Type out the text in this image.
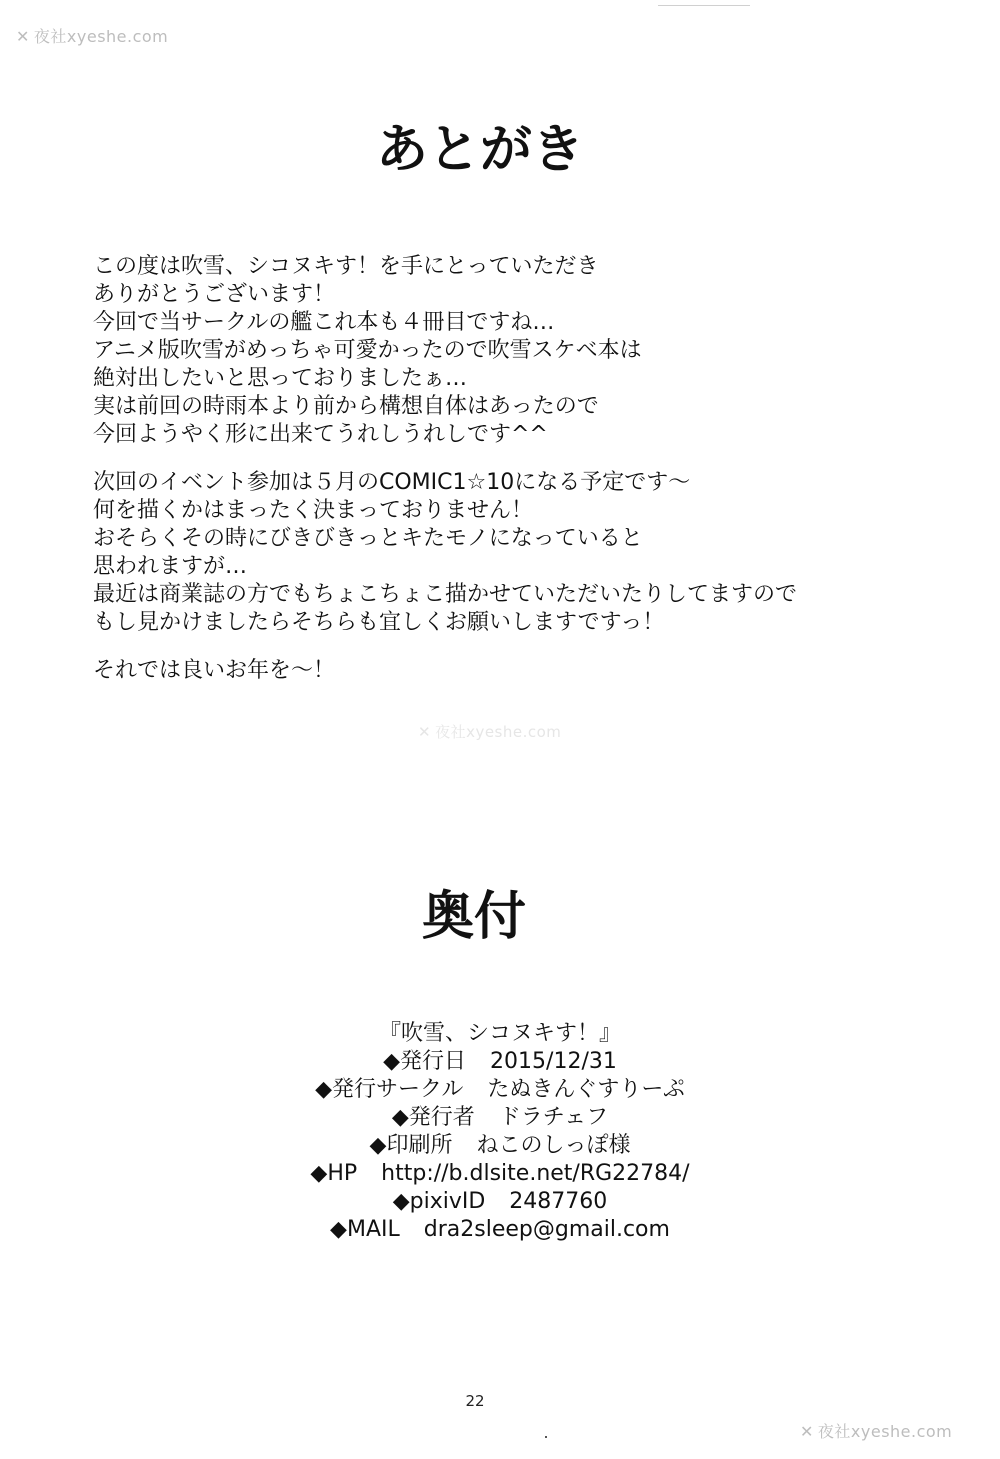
✕ 夜社xyeshe.com
あとがき
この度は吹雪、シコヌキす！を手にとっていただき
ありがとうございます！
今回で当サークルの艦これ本も４冊目ですね…
アニメ版吹雪がめっちゃ可愛かったので吹雪スケベ本は
絶対出したいと思っておりましたぁ…
実は前回の時雨本より前から構想自体はあったので
今回ようやく形に出来てうれしうれしです^^
次回のイベント参加は５月のCOMIC1☆10になる予定です～
何を描くかはまったく決まっておりません！
おそらくその時にびきびきっとキたモノになっていると
思われますが…
最近は商業誌の方でもちょこちょこ描かせていただいたりしてますので
もし見かけましたらそちらも宜しくお願いしますですっ！
それでは良いお年を～！
✕ 夜社xyeshe.com
奥付
『吹雪、シコヌキす！』
◆発行日 2015/12/31
◆発行サークル たぬきんぐすりーぷ
◆発行者 ドラチェフ
◆印刷所 ねこのしっぽ様
◆HP http://b.dlsite.net/RG22784/
◆pixivID 2487760
◆MAIL dra2sleep@gmail.com
22
✕ 夜社xyeshe.com
